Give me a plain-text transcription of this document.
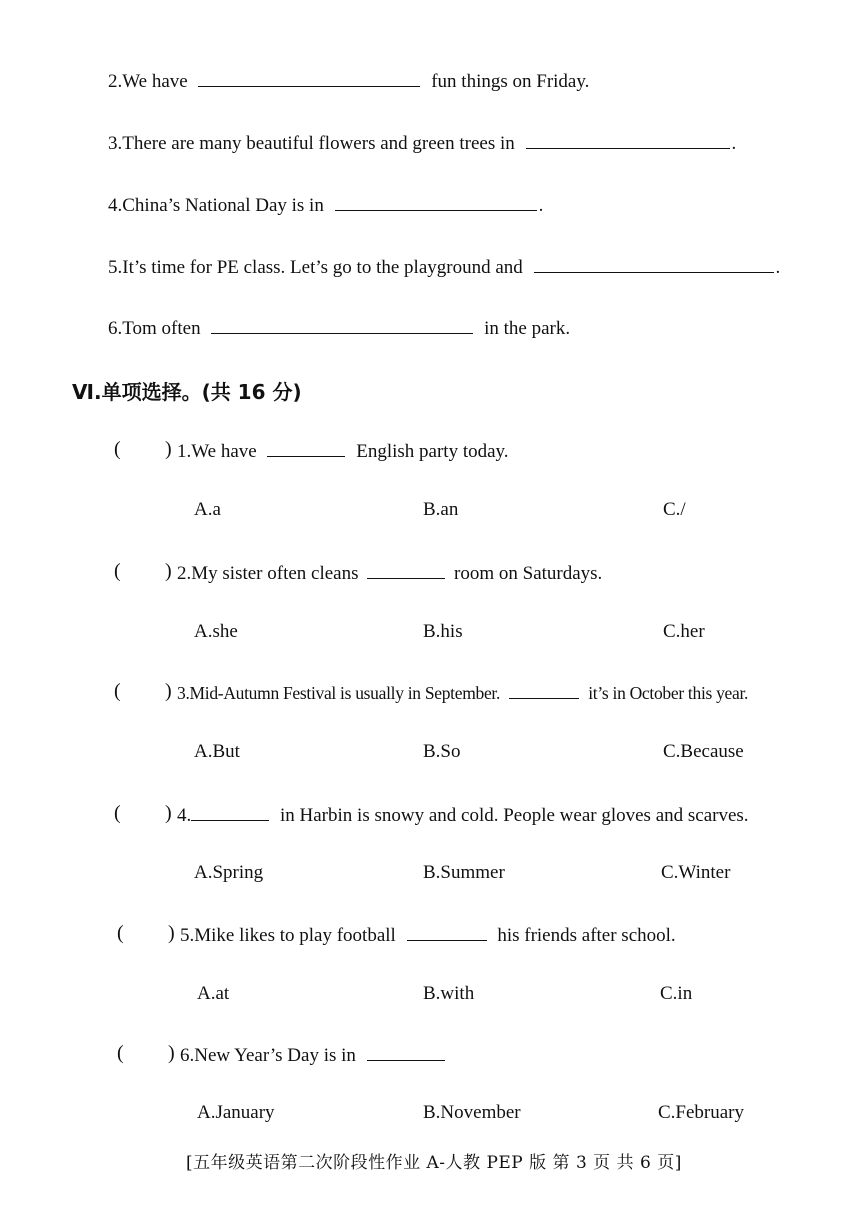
2.We have	fun things on Friday.
3.There are many beautiful flowers and green trees in	.
4.China’s National Day is in	.
5.It’s time for PE class. Let’s go to the playground and	.
6.Tom often	in the park.
Ⅵ.单项选择。(共 16 分)
( ) 1.We have	English party today.
A.a	B.an	C./
( ) 2.My sister often cleans	room on Saturdays.
A.she	B.his	C.her
( ) 3.Mid-Autumn Festival is usually in September.	it’s in October this year.
A.But	B.So	C.Because
( ) 4.	in Harbin is snowy and cold. People wear gloves and scarves.
A.Spring	B.Summer	C.Winter
( ) 5.Mike likes to play football	his friends after school.
A.at	B.with	C.in
( ) 6.New Year’s Day is in
A.January	B.November	C.February
[五年级英语第二次阶段性作业 A-人教 PEP 版 第 3 页 共 6 页]
